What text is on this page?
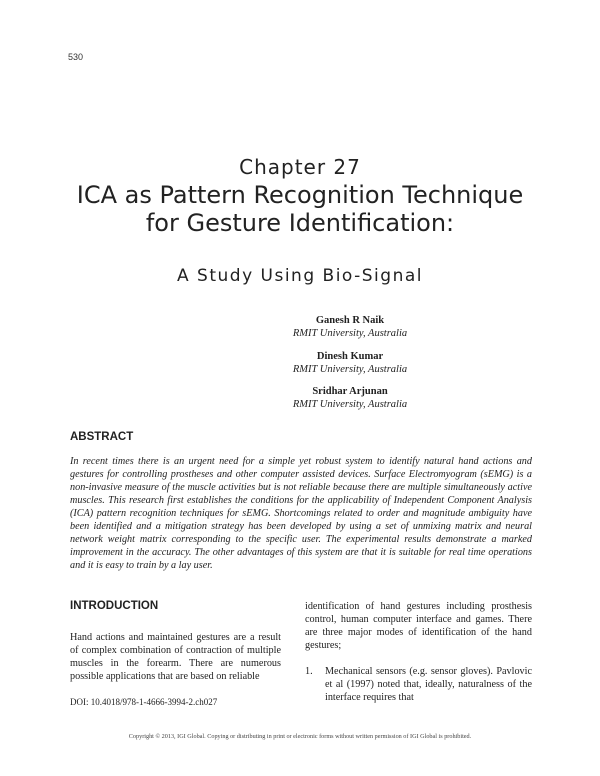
530
Chapter 27
ICA as Pattern Recognition Technique for Gesture Identification:
A Study Using Bio-Signal
Ganesh R Naik
RMIT University, Australia
Dinesh Kumar
RMIT University, Australia
Sridhar Arjunan
RMIT University, Australia
ABSTRACT
In recent times there is an urgent need for a simple yet robust system to identify natural hand actions and gestures for controlling prostheses and other computer assisted devices. Surface Electromyogram (sEMG) is a non-invasive measure of the muscle activities but is not reliable because there are multiple simultaneously active muscles. This research first establishes the conditions for the applicability of Independent Component Analysis (ICA) pattern recognition techniques for sEMG. Shortcomings related to order and magnitude ambiguity have been identified and a mitigation strategy has been developed by using a set of unmixing matrix and neural network weight matrix corresponding to the specific user. The experimental results demonstrate a marked improvement in the accuracy. The other advantages of this system are that it is suitable for real time operations and it is easy to train by a lay user.
INTRODUCTION
Hand actions and maintained gestures are a result of complex combination of contraction of multiple muscles in the forearm. There are numerous possible applications that are based on reliable
DOI: 10.4018/978-1-4666-3994-2.ch027

identification of hand gestures including prosthesis control, human computer interface and games. There are three major modes of identification of the hand gestures;

1.	Mechanical sensors (e.g. sensor gloves). Pavlovic et al (1997) noted that, ideally, naturalness of the interface requires that
Copyright © 2013, IGI Global. Copying or distributing in print or electronic forms without written permission of IGI Global is prohibited.
